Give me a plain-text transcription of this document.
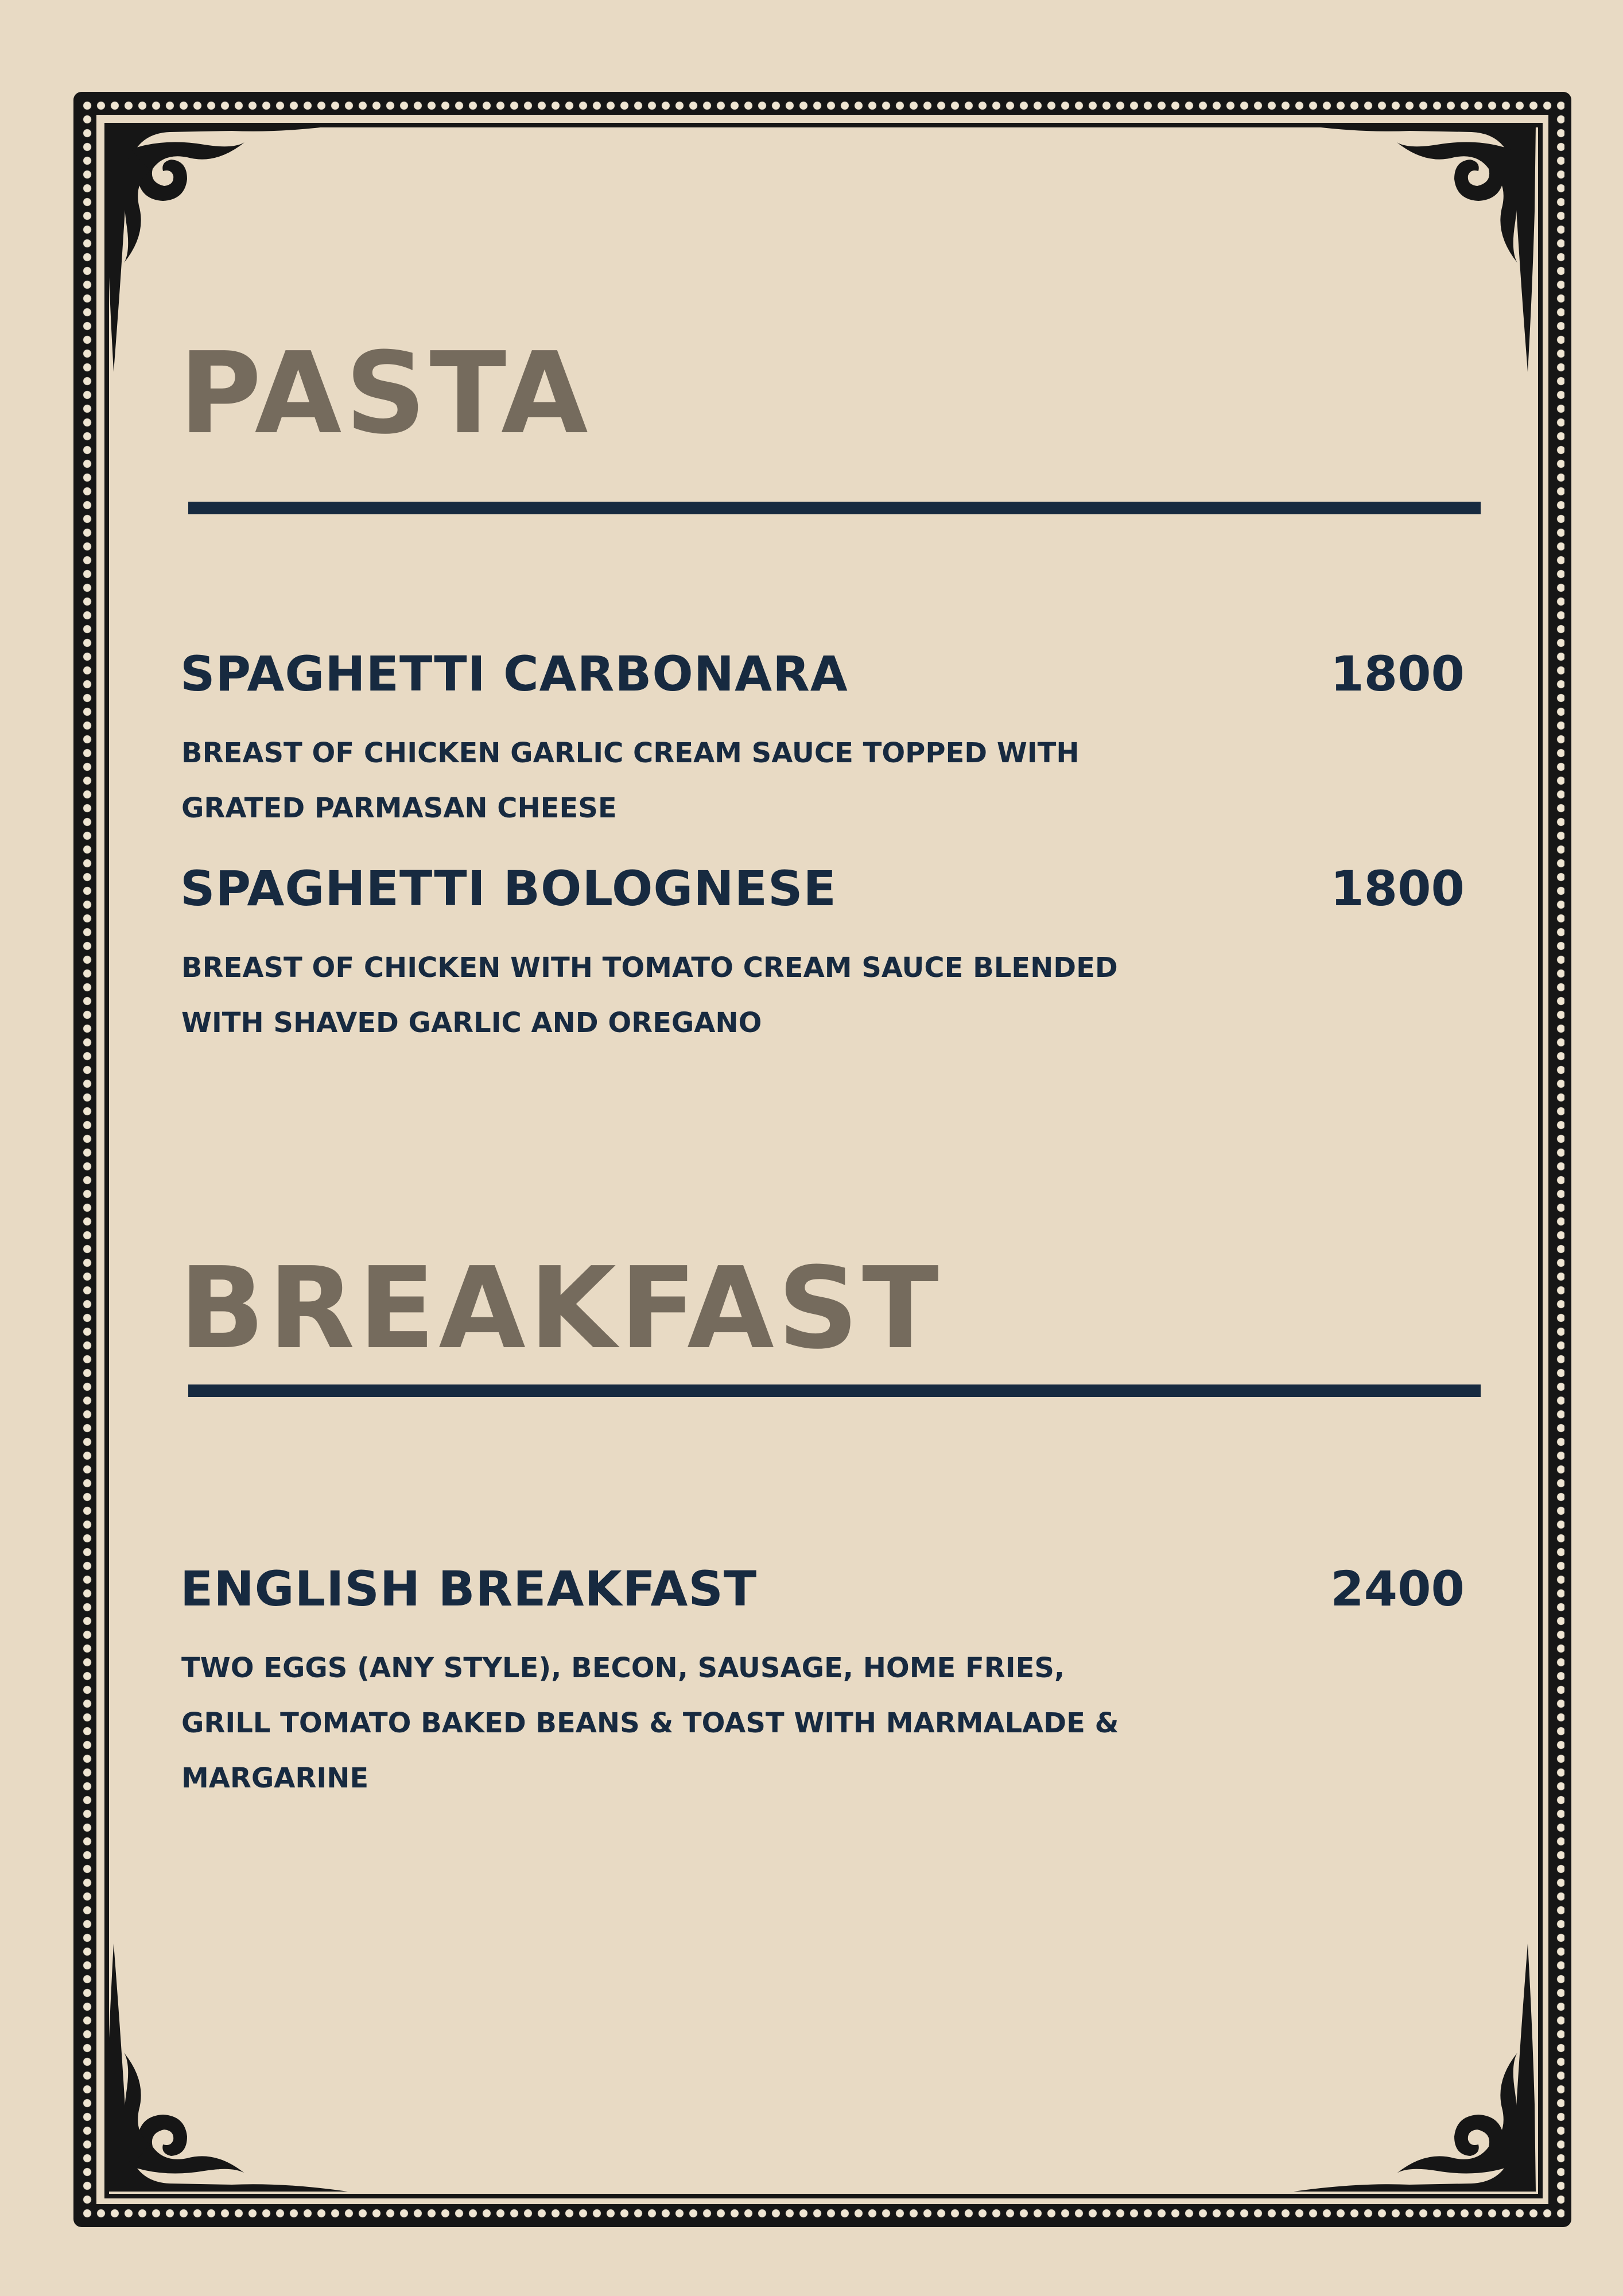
PASTA
SPAGHETTI CARBONARA	1800

BREAST OF CHICKEN GARLIC CREAM SAUCE TOPPED WITH GRATED PARMASAN CHEESE

SPAGHETTI BOLOGNESE	1800

BREAST OF CHICKEN WITH TOMATO CREAM SAUCE BLENDED WITH SHAVED GARLIC AND OREGANO

BREAKFAST
ENGLISH BREAKFAST	2400

TWO EGGS (ANY STYLE), BECON, SAUSAGE, HOME FRIES, GRILL TOMATO BAKED BEANS & TOAST WITH MARMALADE & MARGARINE
